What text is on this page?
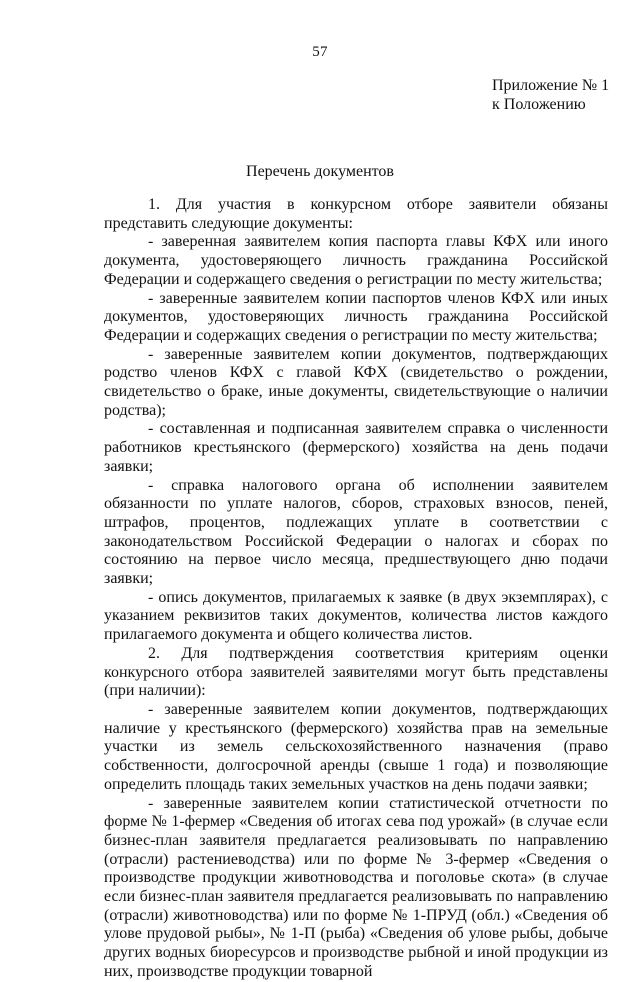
57
Приложение № 1
к Положению
Перечень документов

1. Для участия в конкурсном отборе заявители обязаны представить следующие документы:

- заверенная заявителем копия паспорта главы КФХ или иного документа, удостоверяющего личность гражданина Российской Федерации и содержащего сведения о регистрации по месту жительства;

- заверенные заявителем копии паспортов членов КФХ или иных документов, удостоверяющих личность гражданина Российской Федерации и содержащих сведения о регистрации по месту жительства;

- заверенные заявителем копии документов, подтверждающих родство членов КФХ с главой КФХ (свидетельство о рождении, свидетельство о браке, иные документы, свидетельствующие о наличии родства);

- составленная и подписанная заявителем справка о численности работников крестьянского (фермерского) хозяйства на день подачи заявки;

- справка налогового органа об исполнении заявителем обязанности по уплате налогов, сборов, страховых взносов, пеней, штрафов, процентов, подлежащих уплате в соответствии с законодательством Российской Федерации о налогах и сборах по состоянию на первое число месяца, предшествующего дню подачи заявки;

- опись документов, прилагаемых к заявке (в двух экземплярах), с указанием реквизитов таких документов, количества листов каждого прилагаемого документа и общего количества листов.

2. Для подтверждения соответствия критериям оценки конкурсного отбора заявителей заявителями могут быть представлены (при наличии):

- заверенные заявителем копии документов, подтверждающих наличие у крестьянского (фермерского) хозяйства прав на земельные участки из земель сельскохозяйственного назначения (право собственности, долгосрочной аренды (свыше 1 года) и позволяющие определить площадь таких земельных участков на день подачи заявки;

- заверенные заявителем копии статистической отчетности по форме № 1-фермер «Сведения об итогах сева под урожай» (в случае если бизнес-план заявителя предлагается реализовывать по направлению (отрасли) растениеводства) или по форме № 3-фермер «Сведения о производстве продукции животноводства и поголовье скота» (в случае если бизнес-план заявителя предлагается реализовывать по направлению (отрасли) животноводства) или по форме № 1-ПРУД (обл.) «Сведения об улове прудовой рыбы», № 1-П (рыба) «Сведения об улове рыбы, добыче других водных биоресурсов и производстве рыбной и иной продукции из них, производстве продукции товарной
